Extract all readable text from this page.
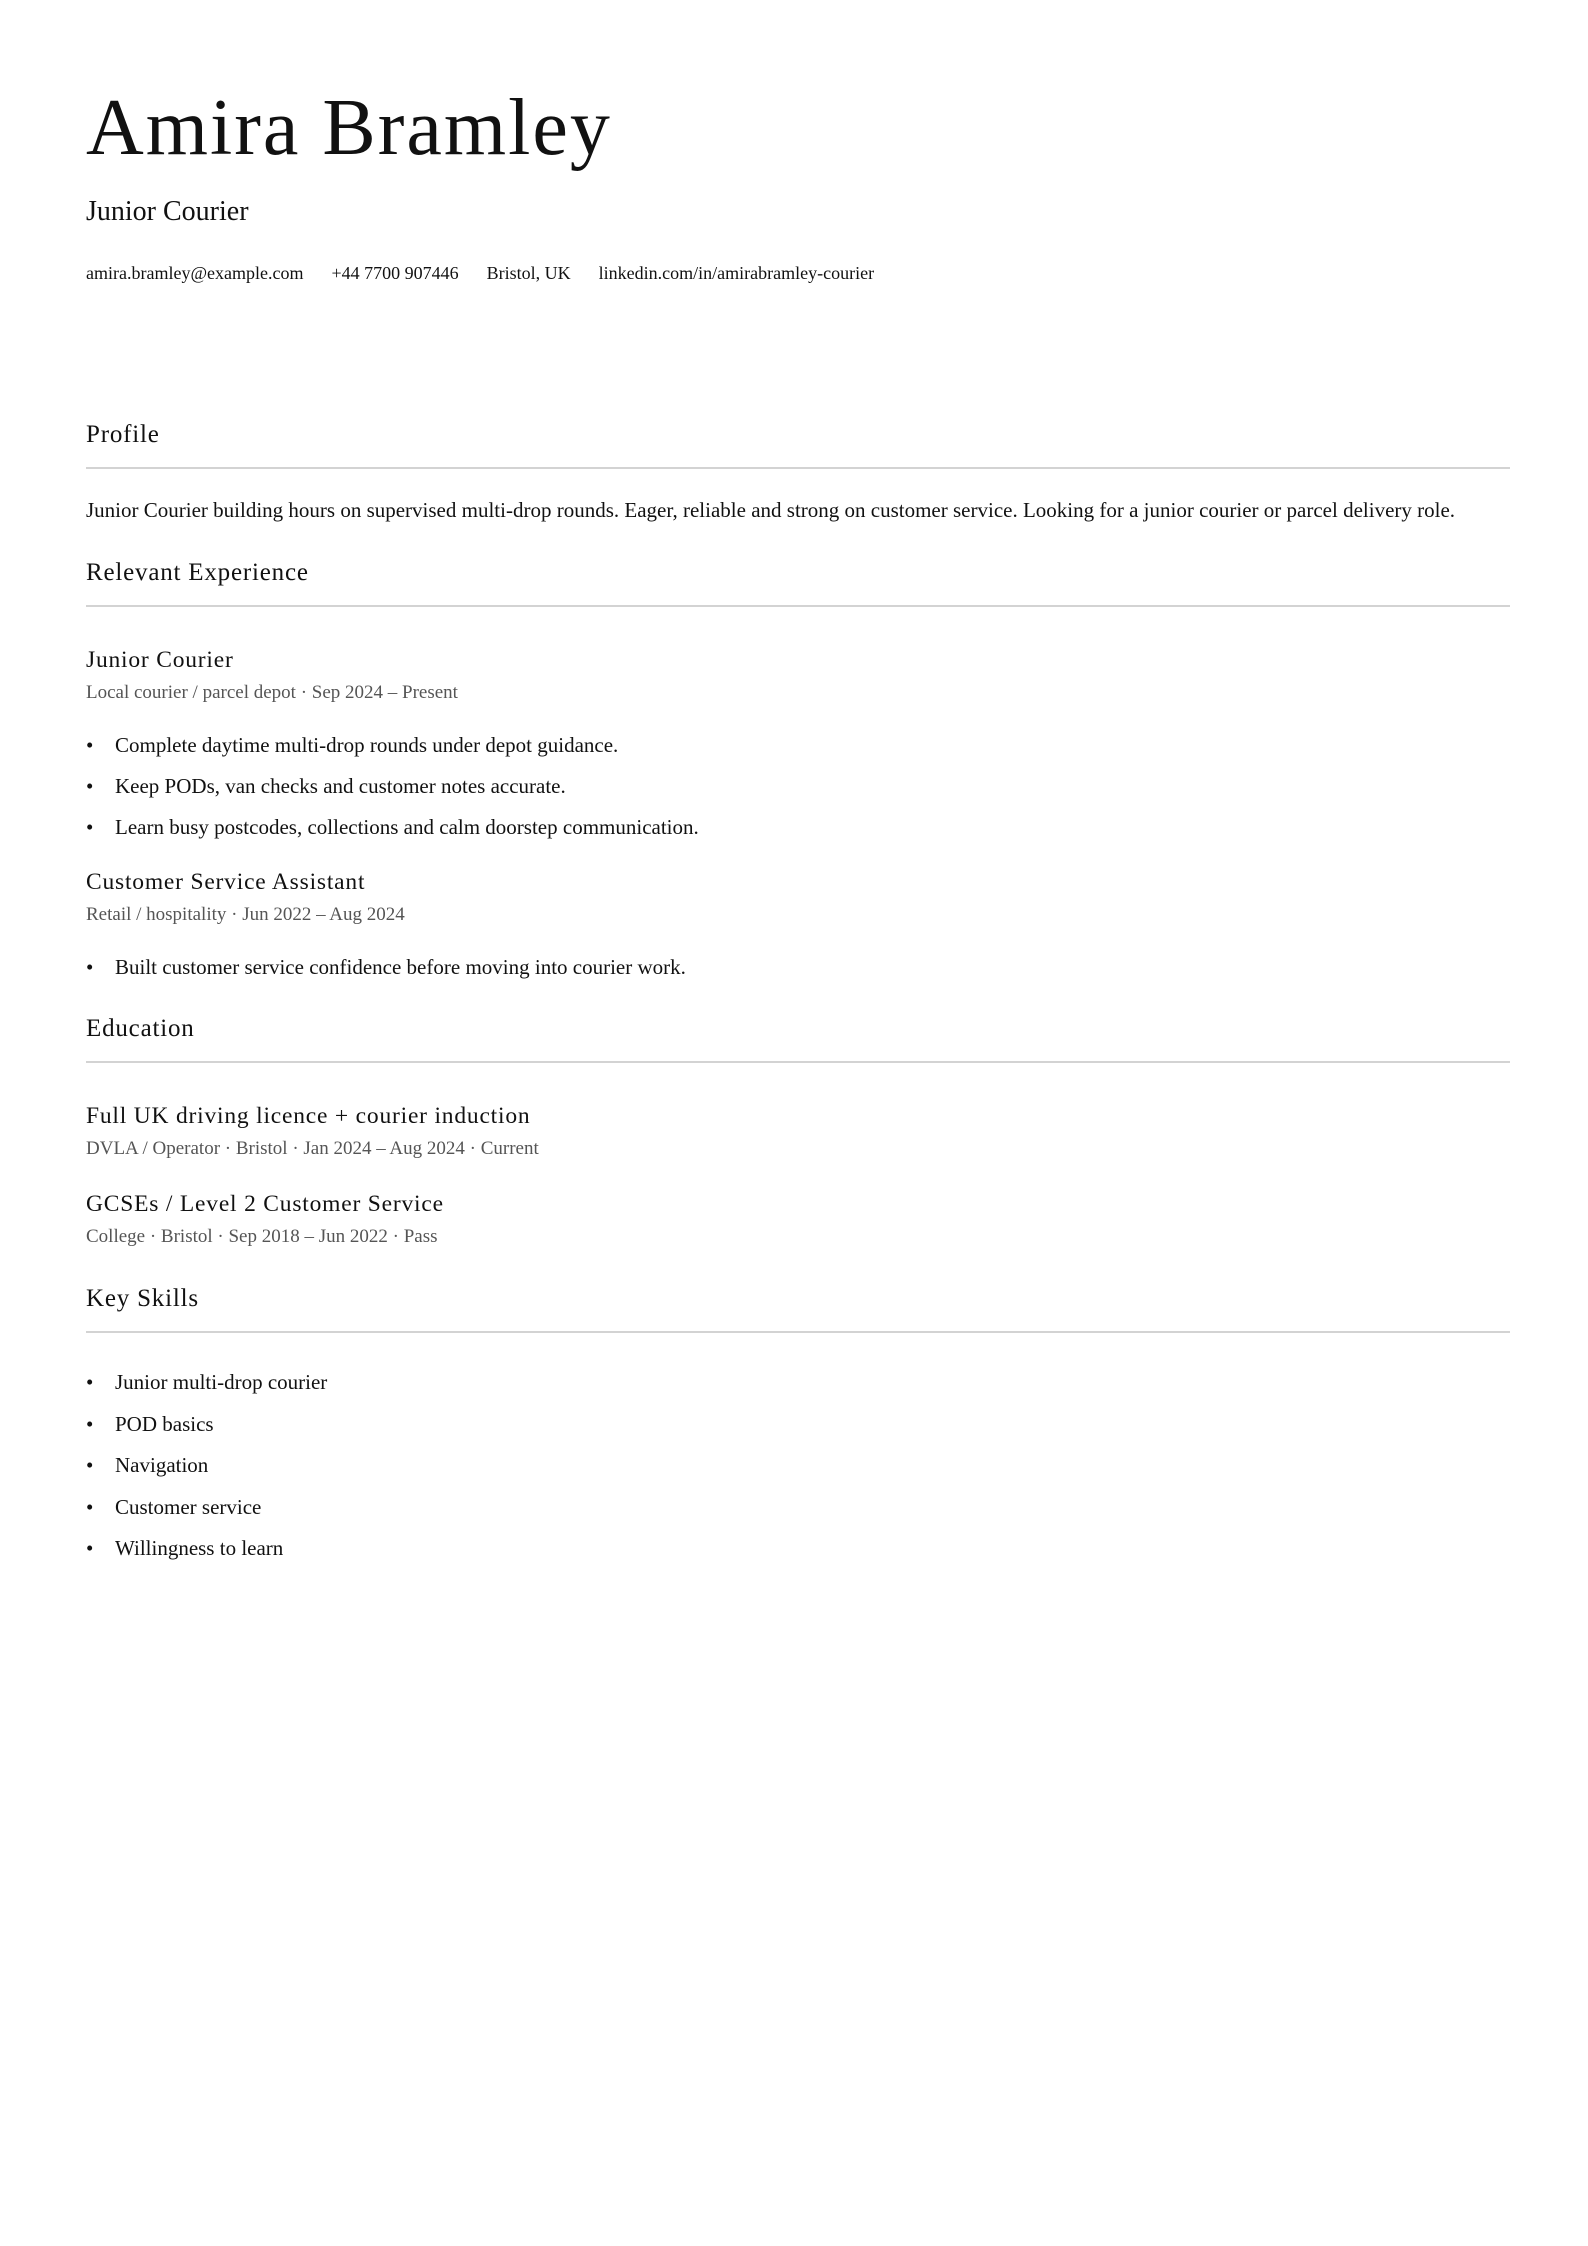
Amira Bramley
Junior Courier
amira.bramley@example.com +44 7700 907446 Bristol, UK linkedin.com/in/amirabramley-courier
Profile
Junior Courier building hours on supervised multi-drop rounds. Eager, reliable and strong on customer service. Looking for a junior courier or parcel delivery role.
Relevant Experience
Junior Courier
Local courier / parcel depot · Sep 2024 – Present
• Complete daytime multi-drop rounds under depot guidance.
• Keep PODs, van checks and customer notes accurate.
• Learn busy postcodes, collections and calm doorstep communication.
Customer Service Assistant
Retail / hospitality · Jun 2022 – Aug 2024
• Built customer service confidence before moving into courier work.
Education
Full UK driving licence + courier induction
DVLA / Operator · Bristol · Jan 2024 – Aug 2024 · Current
GCSEs / Level 2 Customer Service
College · Bristol · Sep 2018 – Jun 2022 · Pass
Key Skills
• Junior multi-drop courier
• POD basics
• Navigation
• Customer service
• Willingness to learn
